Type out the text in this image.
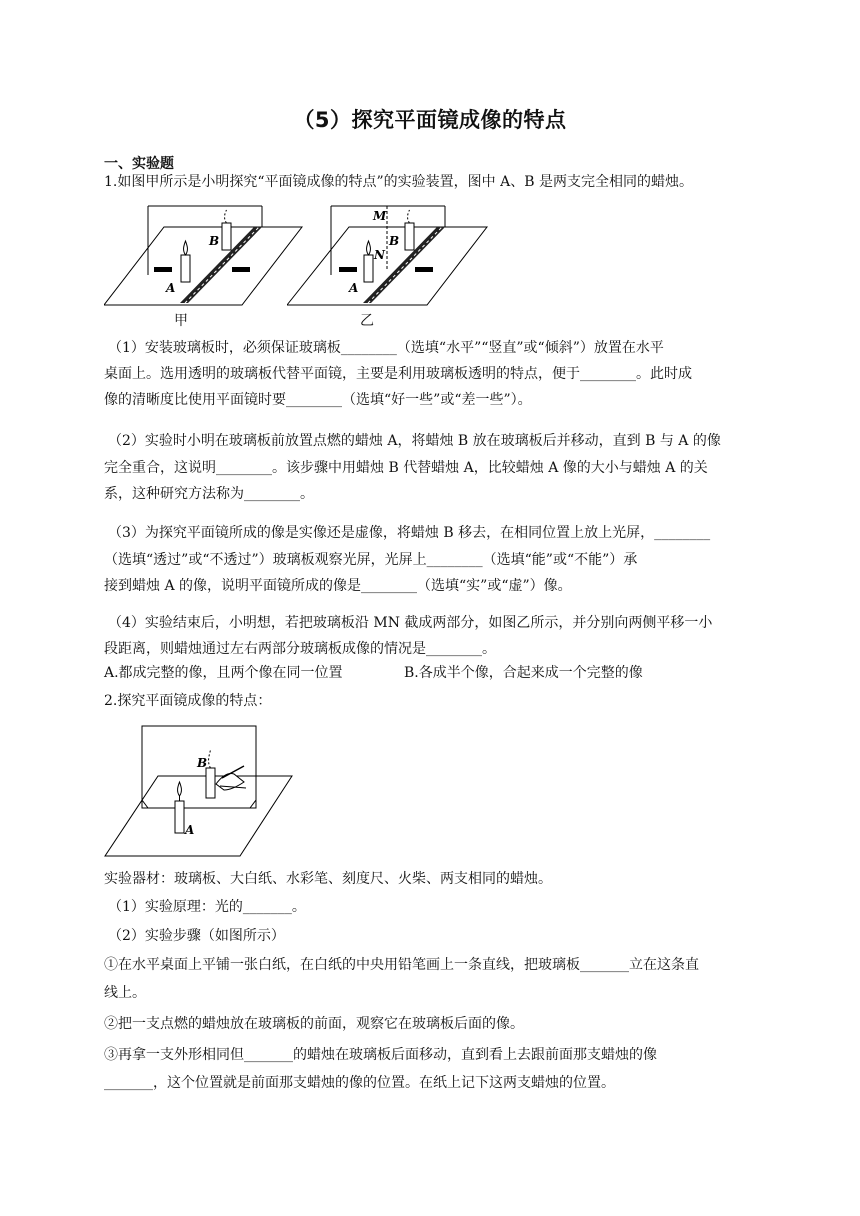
（5）探究平面镜成像的特点
一、实验题
1.如图甲所示是小明探究“平面镜成像的特点”的实验装置，图中 A、B 是两支完全相同的蜡烛。
B
A
甲
M
B
N
A
乙
（1）安装玻璃板时，必须保证玻璃板________（选填“水平”“竖直”或“倾斜”）放置在水平
桌面上。选用透明的玻璃板代替平面镜，主要是利用玻璃板透明的特点，便于________。此时成
像的清晰度比使用平面镜时要________（选填“好一些”或“差一些”）。
（2）实验时小明在玻璃板前放置点燃的蜡烛 A，将蜡烛 B 放在玻璃板后并移动，直到 B 与 A 的像
完全重合，这说明________。该步骤中用蜡烛 B 代替蜡烛 A，比较蜡烛 A 像的大小与蜡烛 A 的关
系，这种研究方法称为________。
（3）为探究平面镜所成的像是实像还是虚像，将蜡烛 B 移去，在相同位置上放上光屏，________
（选填“透过”或“不透过”）玻璃板观察光屏，光屏上________（选填“能”或“不能”）承
接到蜡烛 A 的像，说明平面镜所成的像是________（选填“实”或“虚”）像。
（4）实验结束后，小明想，若把玻璃板沿 MN 截成两部分，如图乙所示，并分别向两侧平移一小
段距离，则蜡烛通过左右两部分玻璃板成像的情况是________。
A.都成完整的像，且两个像在同一位置	B.各成半个像，合起来成一个完整的像
2.探究平面镜成像的特点：
B
A
实验器材：玻璃板、大白纸、水彩笔、刻度尺、火柴、两支相同的蜡烛。
（1）实验原理：光的_______。
（2）实验步骤（如图所示）
①在水平桌面上平铺一张白纸，在白纸的中央用铅笔画上一条直线，把玻璃板_______立在这条直
线上。
②把一支点燃的蜡烛放在玻璃板的前面，观察它在玻璃板后面的像。
③再拿一支外形相同但_______的蜡烛在玻璃板后面移动，直到看上去跟前面那支蜡烛的像
_______，这个位置就是前面那支蜡烛的像的位置。在纸上记下这两支蜡烛的位置。
